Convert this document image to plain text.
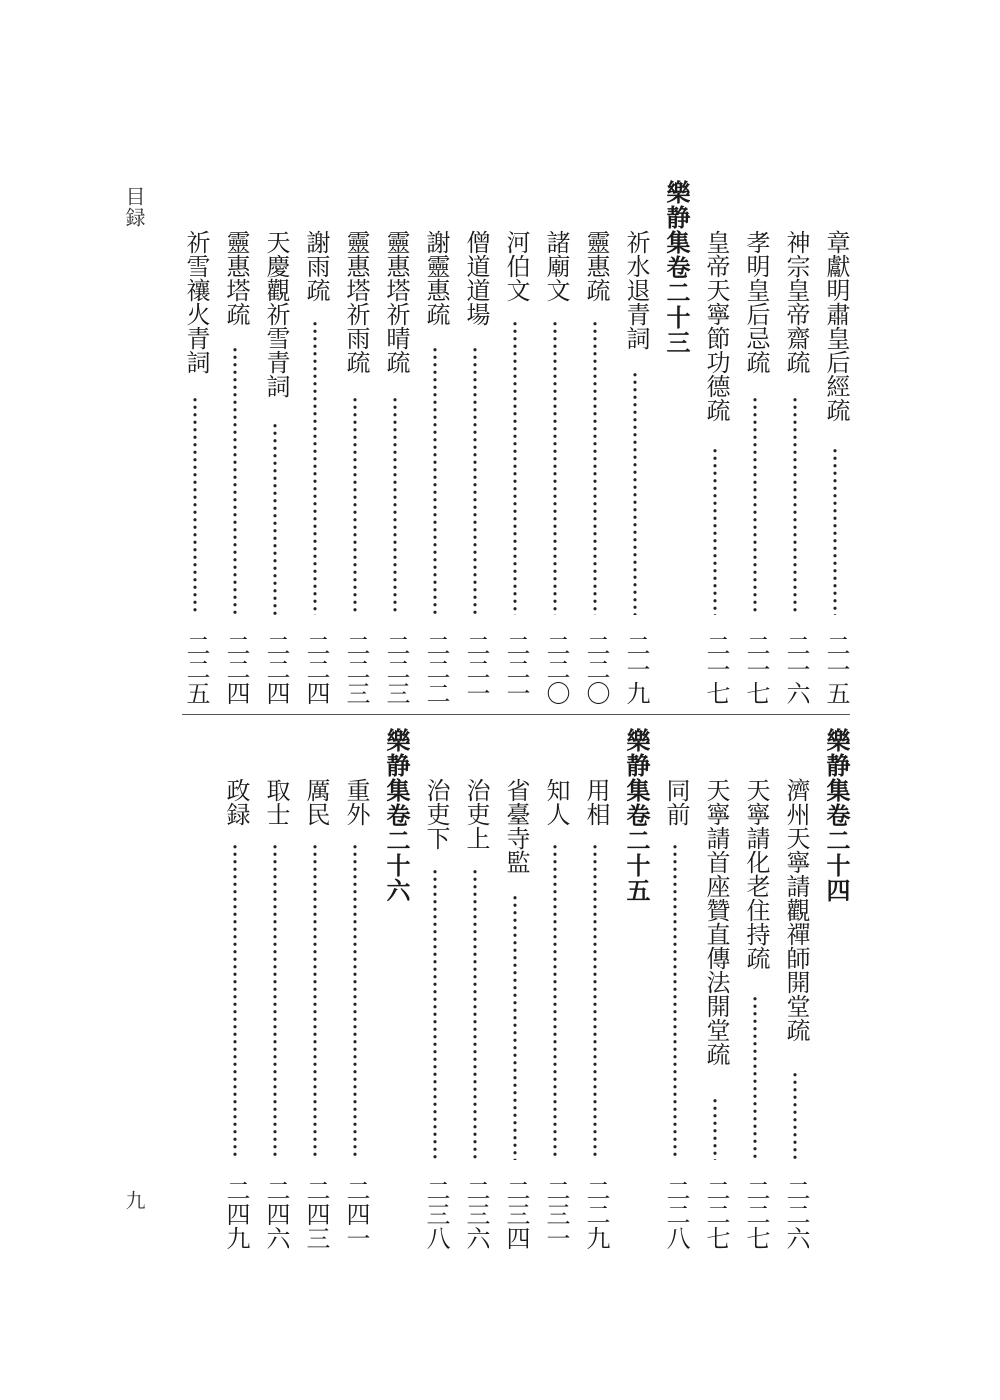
目録
九
章獻明肅皇后經疏
二一五
神宗皇帝齋疏
二一六
孝明皇后忌疏
二一七
皇帝天寧節功德疏
二一七
樂静集卷二十三
祈水退青詞
二一九
靈惠疏
二二〇
諸廟文
二二〇
河伯文
二二一
僧道道場
二二一
謝靈惠疏
二二二
靈惠塔祈晴疏
二二三
靈惠塔祈雨疏
二二三
謝雨疏
二二四
天慶觀祈雪青詞
二二四
靈惠塔疏
二二四
祈雪禳火青詞
二二五
樂静集卷二十四
濟州天寧請觀禪師開堂疏
二二六
天寧請化老住持疏
二二七
天寧請首座贊直傳法開堂疏
二二七
同前
二二八
樂静集卷二十五
用相
二二九
知人
二三一
省臺寺監
二三四
治吏上
二三六
治吏下
二三八
樂静集卷二十六
重外
二四一
厲民
二四三
取士
二四六
政録
二四九
